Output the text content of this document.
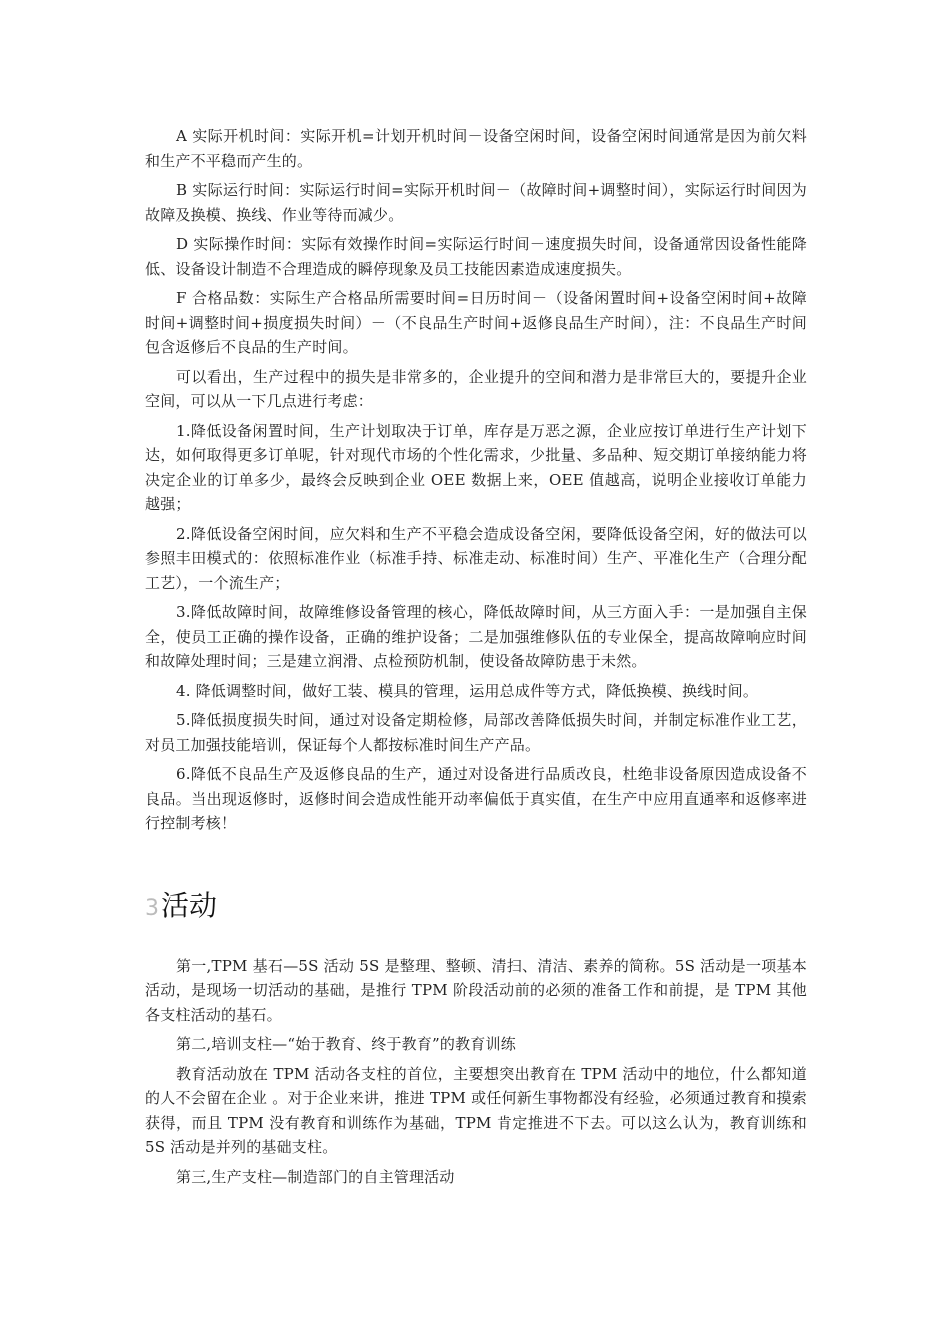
A 实际开机时间：实际开机=计划开机时间－设备空闲时间，设备空闲时间通常是因为前欠料和生产不平稳而产生的。

B 实际运行时间：实际运行时间=实际开机时间－（故障时间+调整时间），实际运行时间因为故障及换模、换线、作业等待而减少。

D 实际操作时间：实际有效操作时间=实际运行时间－速度损失时间，设备通常因设备性能降低、设备设计制造不合理造成的瞬停现象及员工技能因素造成速度损失。

F 合格品数：实际生产合格品所需要时间=日历时间－（设备闲置时间+设备空闲时间+故障时间+调整时间+损度损失时间）－（不良品生产时间+返修良品生产时间），注：不良品生产时间包含返修后不良品的生产时间。

可以看出，生产过程中的损失是非常多的，企业提升的空间和潜力是非常巨大的，要提升企业空间，可以从一下几点进行考虑：

1.降低设备闲置时间，生产计划取决于订单，库存是万恶之源，企业应按订单进行生产计划下达，如何取得更多订单呢，针对现代市场的个性化需求，少批量、多品种、短交期订单接纳能力将决定企业的订单多少，最终会反映到企业 OEE 数据上来，OEE 值越高，说明企业接收订单能力越强；

2.降低设备空闲时间，应欠料和生产不平稳会造成设备空闲，要降低设备空闲，好的做法可以参照丰田模式的：依照标准作业（标准手持、标准走动、标准时间）生产、平准化生产（合理分配工艺），一个流生产；

3.降低故障时间，故障维修设备管理的核心，降低故障时间，从三方面入手：一是加强自主保全，使员工正确的操作设备，正确的维护设备；二是加强维修队伍的专业保全，提高故障响应时间和故障处理时间；三是建立润滑、点检预防机制，使设备故障防患于未然。

4. 降低调整时间，做好工装、模具的管理，运用总成件等方式，降低换模、换线时间。

5.降低损度损失时间，通过对设备定期检修，局部改善降低损失时间，并制定标准作业工艺，对员工加强技能培训，保证每个人都按标准时间生产产品。

6.降低不良品生产及返修良品的生产，通过对设备进行品质改良，杜绝非设备原因造成设备不良品。当出现返修时，返修时间会造成性能开动率偏低于真实值，在生产中应用直通率和返修率进行控制考核！

3活动

第一,TPM 基石—5S 活动 5S 是整理、整顿、清扫、清洁、素养的简称。5S 活动是一项基本活动，是现场一切活动的基础，是推行 TPM 阶段活动前的必须的准备工作和前提，是 TPM 其他各支柱活动的基石。

第二,培训支柱—“始于教育、终于教育”的教育训练

教育活动放在 TPM 活动各支柱的首位，主要想突出教育在 TPM 活动中的地位，什么都知道的人不会留在企业 。对于企业来讲，推进 TPM 或任何新生事物都没有经验，必须通过教育和摸索获得，而且 TPM 没有教育和训练作为基础，TPM 肯定推进不下去。可以这么认为，教育训练和 5S 活动是并列的基础支柱。

第三,生产支柱—制造部门的自主管理活动
